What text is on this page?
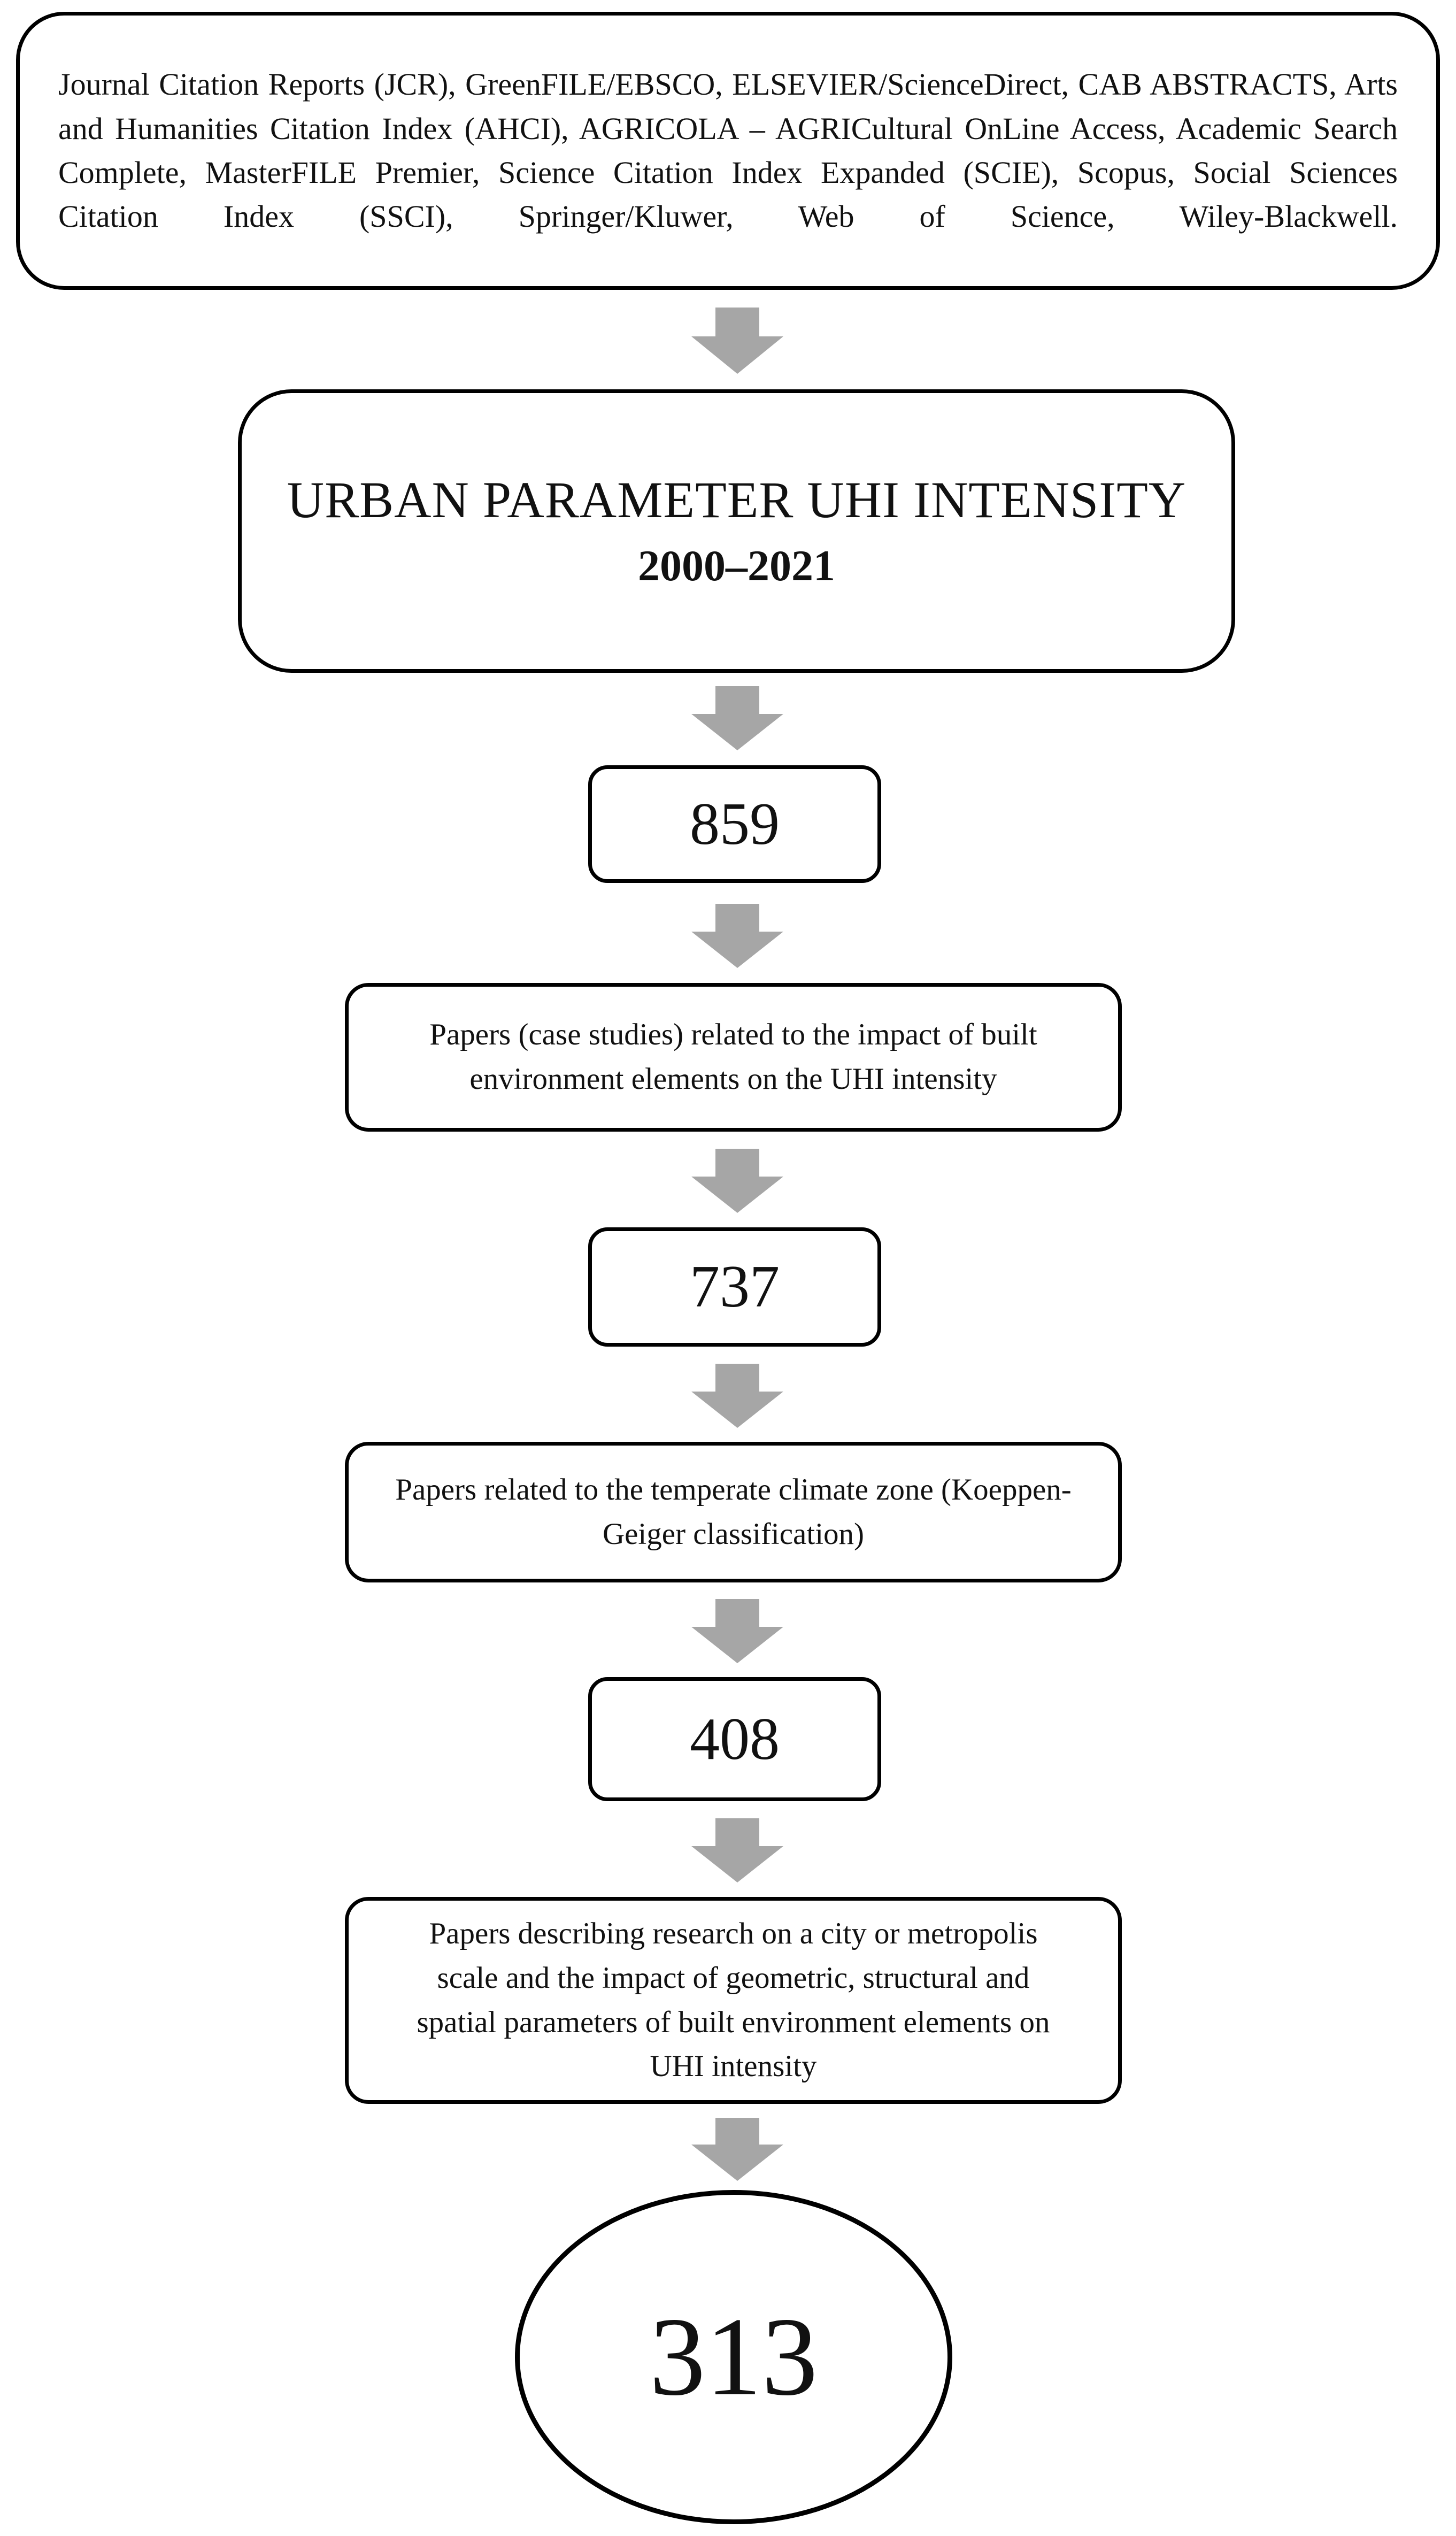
Journal Citation Reports (JCR), GreenFILE/EBSCO, ELSEVIER/ScienceDirect, CAB ABSTRACTS, Arts and Humanities Citation Index (AHCI), AGRICOLA – AGRICultural OnLine Access, Academic Search Complete, MasterFILE Premier, Science Citation Index Expanded (SCIE), Scopus, Social Sciences Citation Index (SSCI), Springer/Kluwer, Web of Science, Wiley-Blackwell.
URBAN PARAMETER UHI INTENSITY
2000–2021
859
Papers (case studies) related to the impact of built environment elements on the UHI intensity
737
Papers related to the temperate climate zone (Koeppen-Geiger classification)
408
Papers describing research on a city or metropolis scale and the impact of geometric, structural and spatial parameters of built environment elements on UHI intensity
313
